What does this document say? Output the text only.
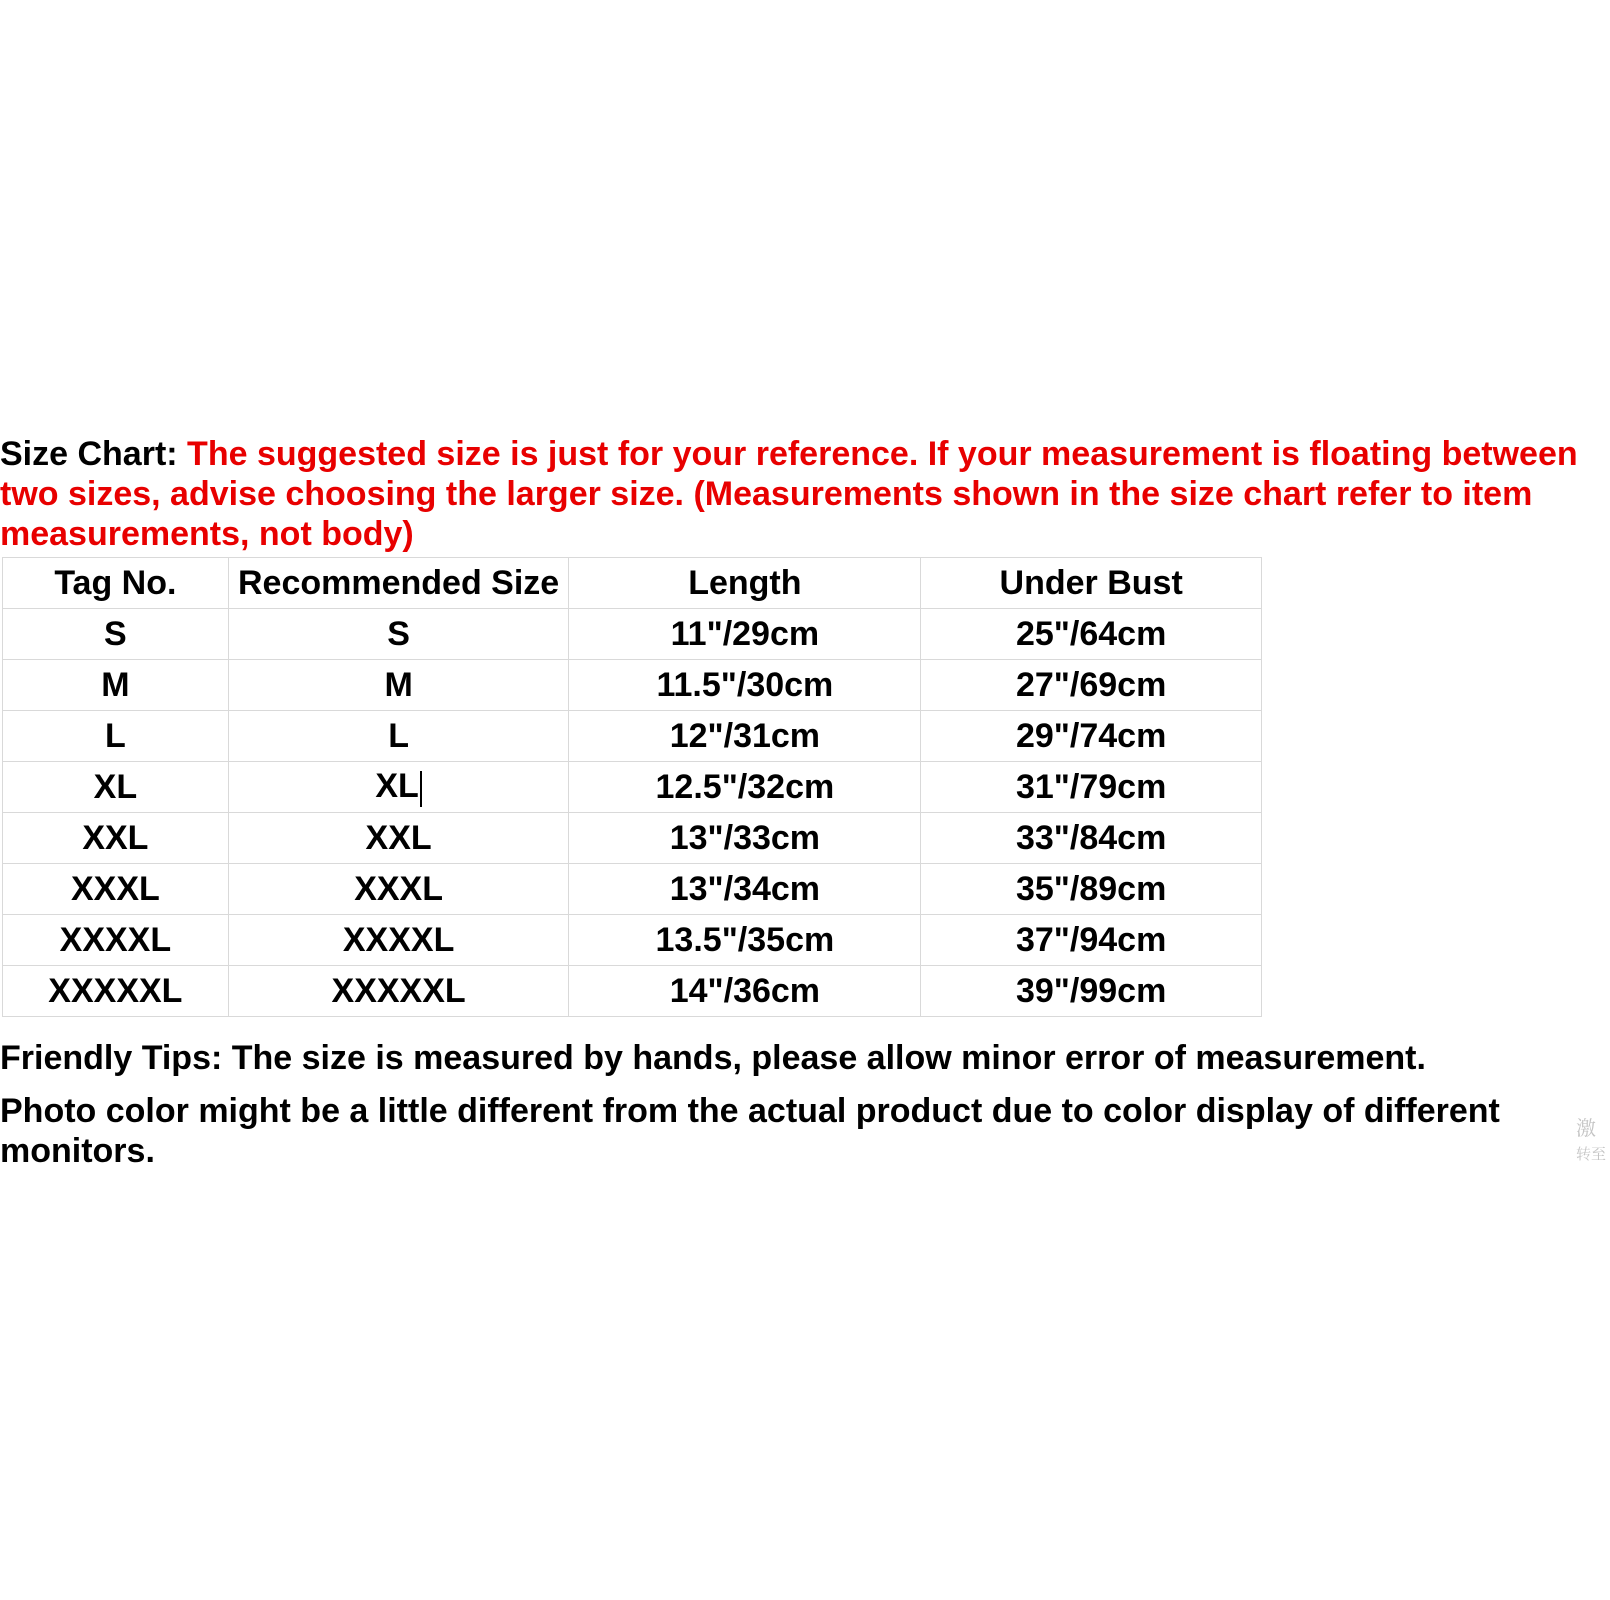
Size Chart: The suggested size is just for your reference. If your measurement is floating between two sizes, advise choosing the larger size. (Measurements shown in the size chart refer to item measurements, not body)
Tag No.	Recommended Size	Length	Under Bust
S	S	11"/29cm	25"/64cm
M	M	11.5"/30cm	27"/69cm
L	L	12"/31cm	29"/74cm
XL	XL	12.5"/32cm	31"/79cm
XXL	XXL	13"/33cm	33"/84cm
XXXL	XXXL	13"/34cm	35"/89cm
XXXXL	XXXXL	13.5"/35cm	37"/94cm
XXXXXL	XXXXXL	14"/36cm	39"/99cm
Friendly Tips: The size is measured by hands, please allow minor error of measurement.
Photo color might be a little different from the actual product due to color display of different monitors.
激
转至
